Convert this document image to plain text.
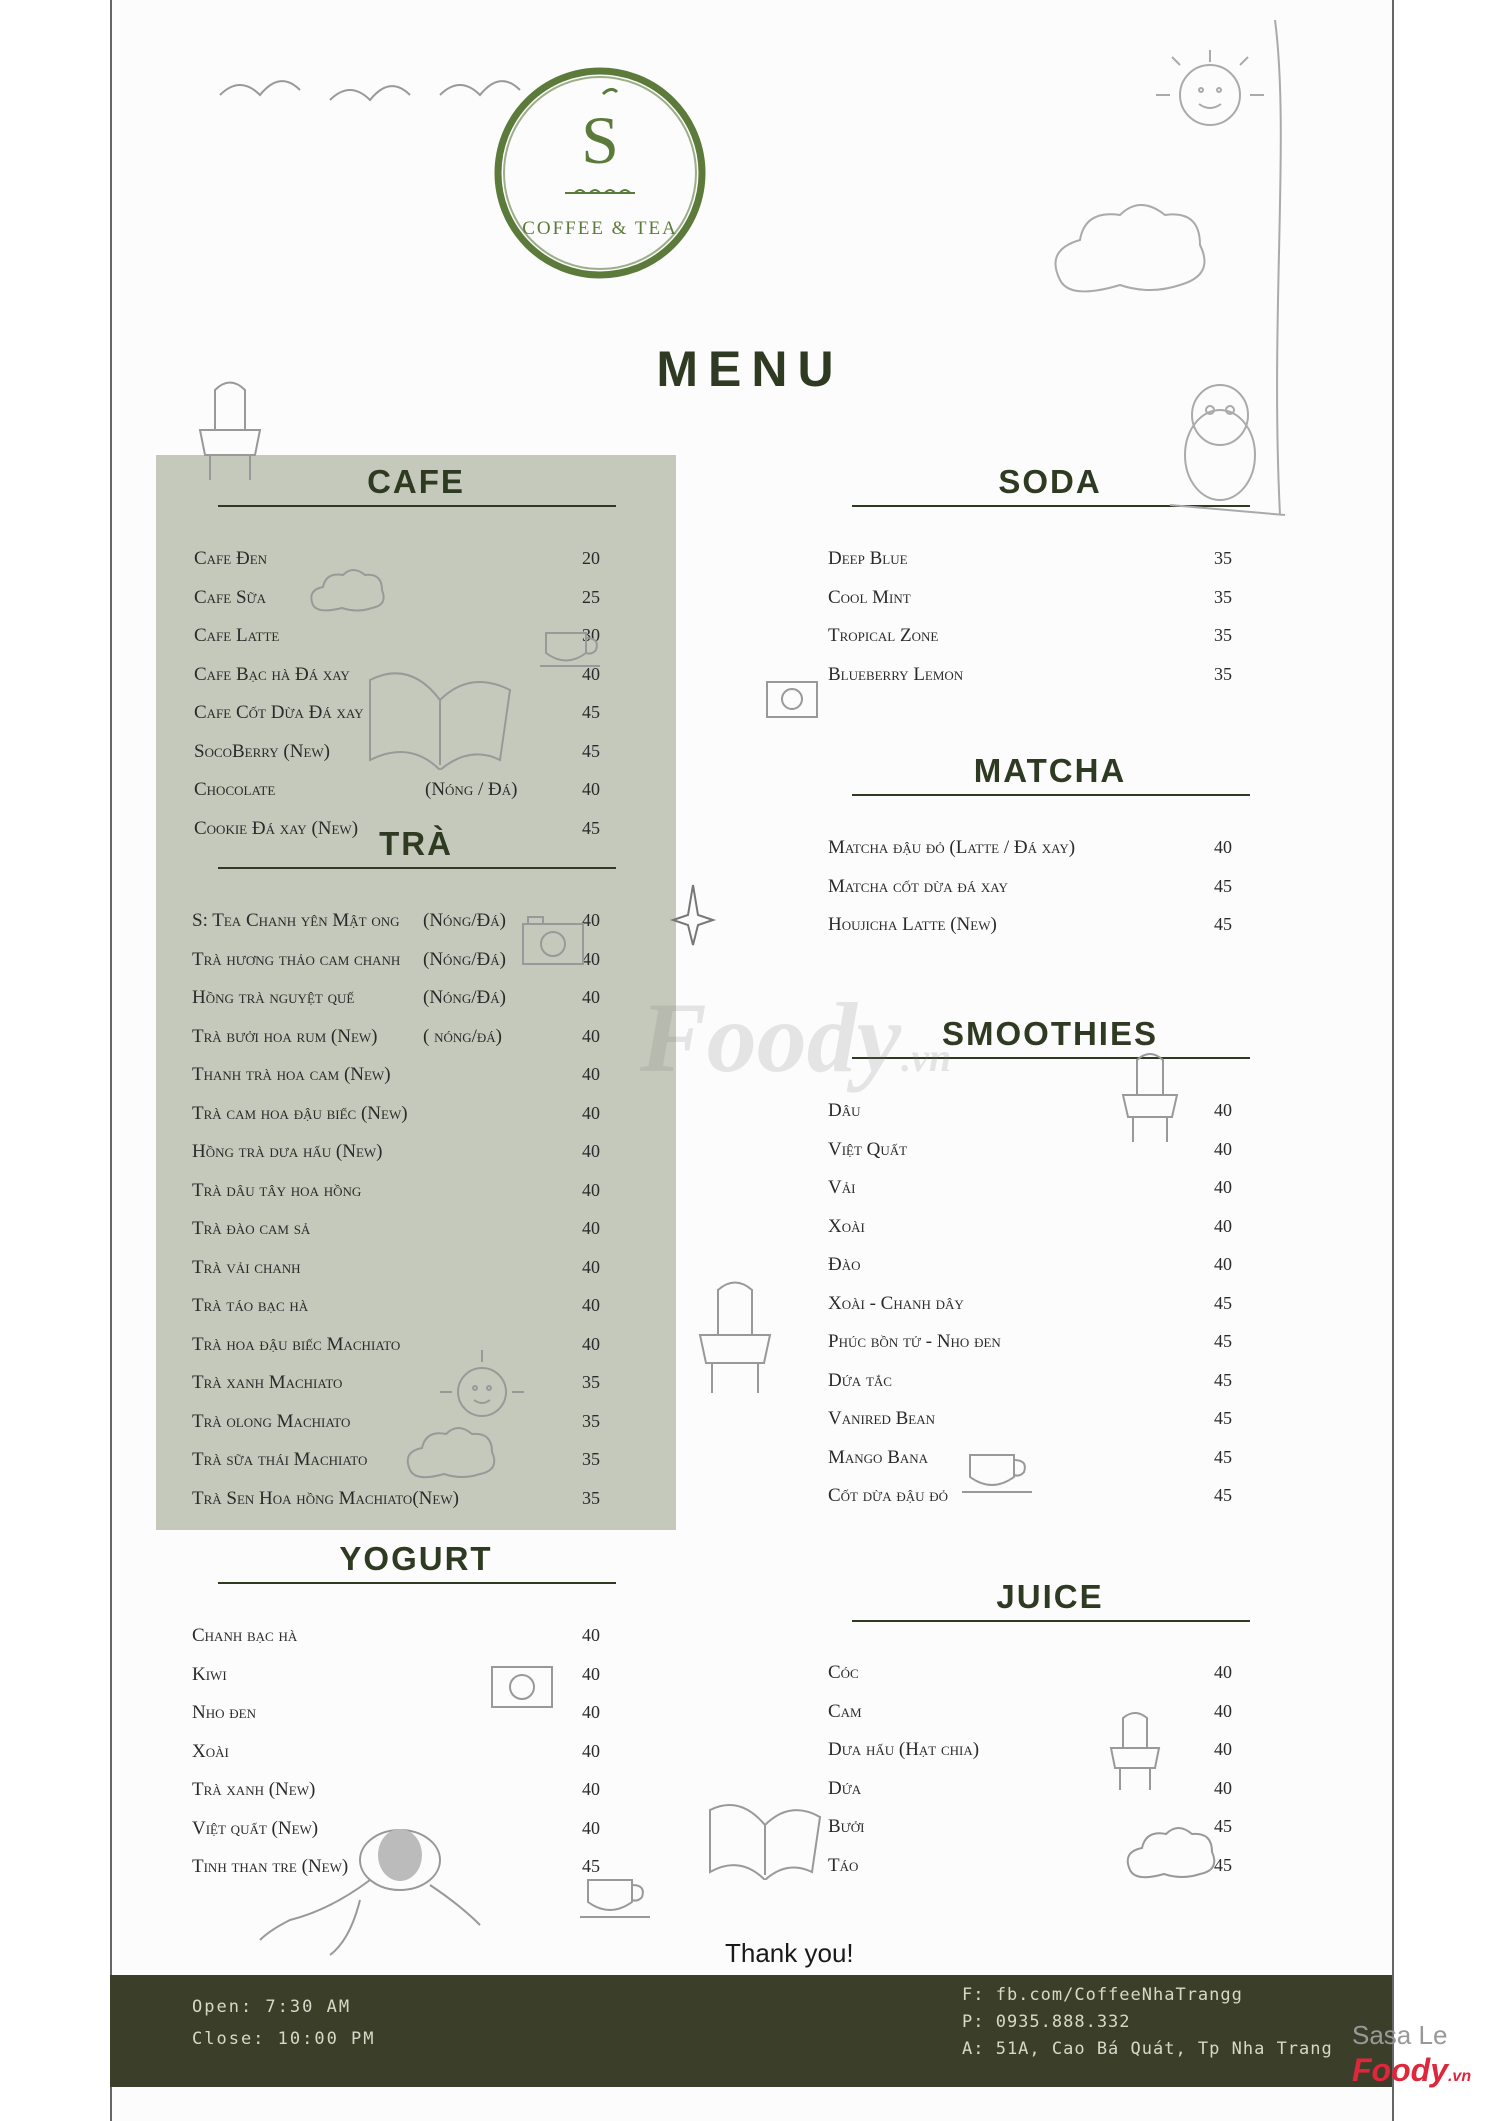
S
COFFEE & TEA
MENU
CAFE
Cafe Đen	20
Cafe Sữa	25
Cafe Latte	30
Cafe Bạc hà Đá xay	40
Cafe Cốt Dừa Đá xay	45
SocoBerry (New)	45
Chocolate	(Nóng / Đá)	40
Cookie Đá xay (New)	45
TRÀ
S: Tea Chanh yên Mật ong (Nóng/Đá)	40
Trà hương thảo cam chanh (Nóng/Đá)	40
Hồng trà nguyệt quế	(Nóng/Đá)	40
Trà bưởi hoa rum (New) ( nóng/đá)	40
Thanh trà hoa cam (New)	40
Trà cam hoa đậu biếc (New)	40
Hồng trà dưa hấu (New)	40
Trà dâu tây hoa hồng	40
Trà đào cam sả	40
Trà vải chanh	40
Trà táo bạc hà	40
Trà hoa đậu biếc Machiato	40
Trà xanh Machiato	35
Trà olong Machiato	35
Trà sữa thái Machiato	35
Trà Sen Hoa hồng Machiato(New)	35
YOGURT
Chanh bạc hà	40
Kiwi	40
Nho đen	40
Xoài	40
Trà xanh (New)	40
Việt quất (New)	40
Tinh than tre (New)	45
SODA
Deep Blue	35
Cool Mint	35
Tropical Zone	35
Blueberry Lemon	35
MATCHA
Matcha đậu đỏ (Latte / Đá xay)	40
Matcha cốt dừa đá xay	45
Houjicha Latte (New)	45
SMOOTHIES
Dâu	40
Việt Quất	40
Vải	40
Xoài	40
Đào	40
Xoài - Chanh dây	45
Phúc bồn tử - Nho đen	45
Dứa tắc	45
Vanired Bean	45
Mango Bana	45
Cốt dừa đậu đỏ	45
JUICE
Cóc	40
Cam	40
Dưa hấu (Hạt chia)	40
Dứa	40
Bưởi	45
Táo	45
Foody.vn
Thank you!
Open: 7:30 AM
Close: 10:00 PM
F: fb.com/CoffeeNhaTrangg
P: 0935.888.332
A: 51A, Cao Bá Quát, Tp Nha Trang Sasa Le
Foody.vn
